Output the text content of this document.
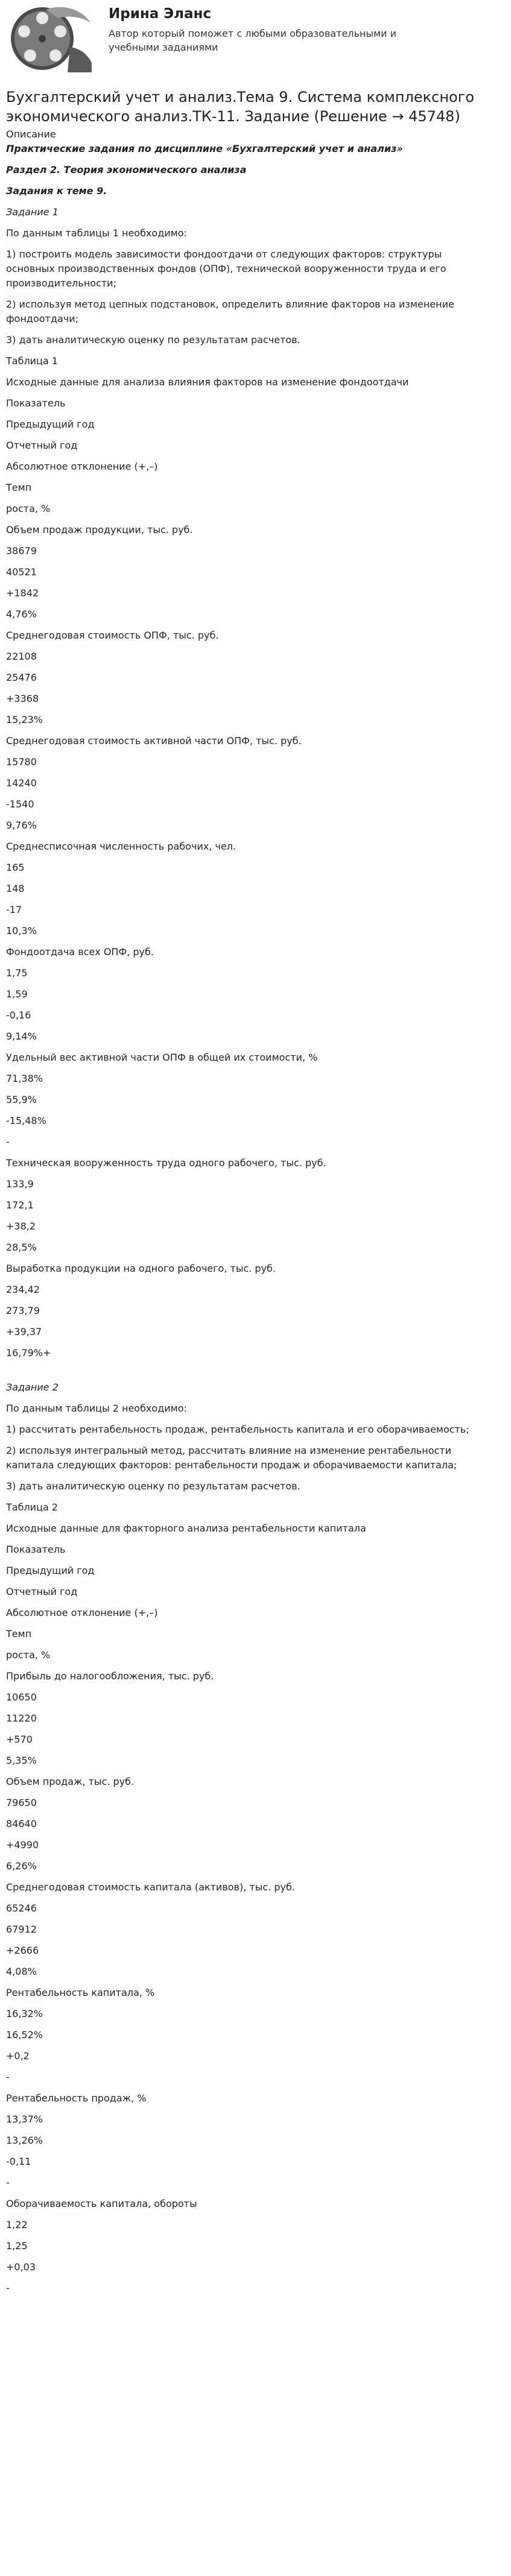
Ирина Эланс

Автор который поможет с любыми образовательными и учебными заданиями

Бухгалтерский учет и анализ.Тема 9. Система комплексного экономического анализ.ТК-11. Задание (Решение → 45748)

Описание

Практические задания по дисциплине «Бухгалтерский учет и анализ»

Раздел 2. Теория экономического анализа

Задания к теме 9.

Задание 1

По данным таблицы 1 необходимо:

1) построить модель зависимости фондоотдачи от следующих факторов: структуры основных производственных фондов (ОПФ), технической вооруженности труда и его производительности;

2) используя метод цепных подстановок, определить влияние факторов на изменение фондоотдачи;

3) дать аналитическую оценку по результатам расчетов.

Таблица 1

Исходные данные для анализа влияния факторов на изменение фондоотдачи

Показатель

Предыдущий год

Отчетный год

Абсолютное отклонение (+,–)

Темп

роста, %

Объем продаж продукции, тыс. руб.

38679

40521

+1842

4,76%

Среднегодовая стоимость ОПФ, тыс. руб.

22108

25476

+3368

15,23%

Среднегодовая стоимость активной части ОПФ, тыс. руб.

15780

14240

-1540

9,76%

Среднесписочная численность рабочих, чел.

165

148

-17

10,3%

Фондоотдача всех ОПФ, руб.

1,75

1,59

-0,16

9,14%

Удельный вес активной части ОПФ в общей их стоимости, %

71,38%

55,9%

-15,48%

-

Техническая вооруженность труда одного рабочего, тыс. руб.

133,9

172,1

+38,2

28,5%

Выработка продукции на одного рабочего, тыс. руб.

234,42

273,79

+39,37

16,79%+

Задание 2

По данным таблицы 2 необходимо:

1) рассчитать рентабельность продаж, рентабельность капитала и его оборачиваемость;

2) используя интегральный метод, рассчитать влияние на изменение рентабельности капитала следующих факторов: рентабельности продаж и оборачиваемости капитала;

3) дать аналитическую оценку по результатам расчетов.

Таблица 2

Исходные данные для факторного анализа рентабельности капитала

Показатель

Предыдущий год

Отчетный год

Абсолютное отклонение (+,–)

Темп

роста, %

Прибыль до налогообложения, тыс. руб.

10650

11220

+570

5,35%

Объем продаж, тыс. руб.

79650

84640

+4990

6,26%

Среднегодовая стоимость капитала (активов), тыс. руб.

65246

67912

+2666

4,08%

Рентабельность капитала, %

16,32%

16,52%

+0,2

-

Рентабельность продаж, %

13,37%

13,26%

-0,11

-

Оборачиваемость капитала, обороты

1,22

1,25

+0,03

-
